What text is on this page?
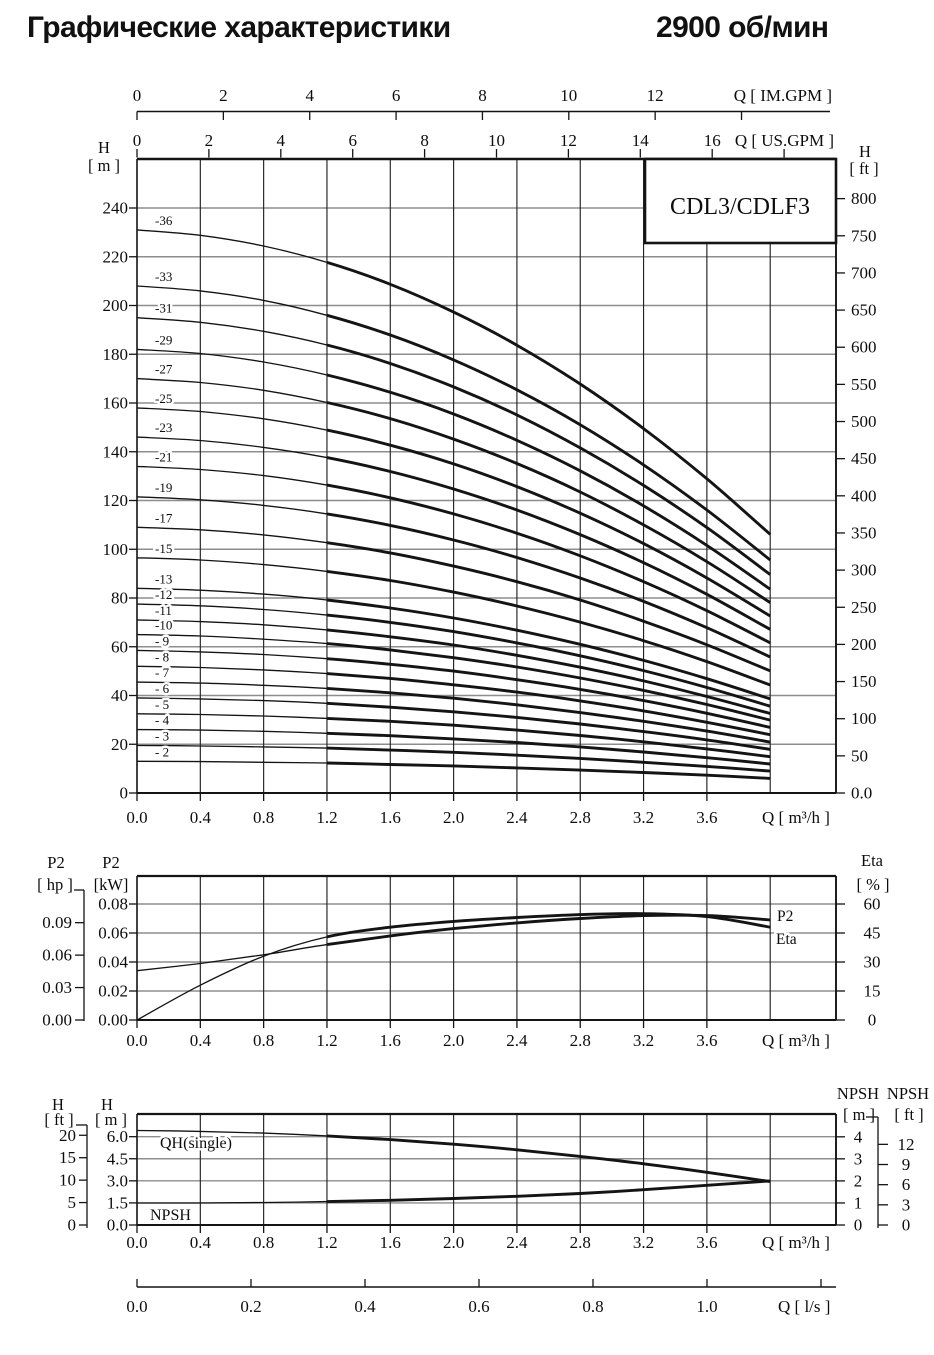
Графические характеристики	2900 об/мин
CDL3/CDLF3
- 2
- 3
- 4
- 5
- 6
- 7
- 8
- 9
-10
-11
-12
-13
-15
-17
-19
-21
-23
-25
-27
-29
-31
-33
-36
0
20
40
60
80
100
120
140
160
180
200
220
240
H
[ m ]
0.0
50
100
150
200
250
300
350
400
450
500
550
600
650
700
750
800
H
[ ft ]
0.0 0.4 0.8 1.2 1.6 2.0 2.4 2.8 3.2 3.6	Q [ m³/h ]
0	2	4	6	8	10	12	Q [ IM.GPM ]
0	2	4	6	8	10	12	14	16 Q [ US.GPM ]
P2
Eta
0.08
0.06
0.04
0.02
0.00
P2
[kW]
0.09
0.06
0.03
0.00
P2
[ hp ]
60
45
30
15
0
Eta
[ % ]
0.0 0.4 0.8 1.2 1.6 2.0 2.4 2.8 3.2 3.6	Q [ m³/h ]
QH(single)
NPSH
6.0
4.5
3.0
1.5
0.0
H
[ m ]
20
15
10
5
0
H
[ ft ]
4
3
2
1
0
NPSH
[ m ]
12
9
6
3
0
NPSH
[ ft ]
0.0 0.4 0.8 1.2 1.6 2.0 2.4 2.8 3.2 3.6	Q [ m³/h ]
0.0	0.2	0.4	0.6	0.8	1.0	Q [ l/s ]
